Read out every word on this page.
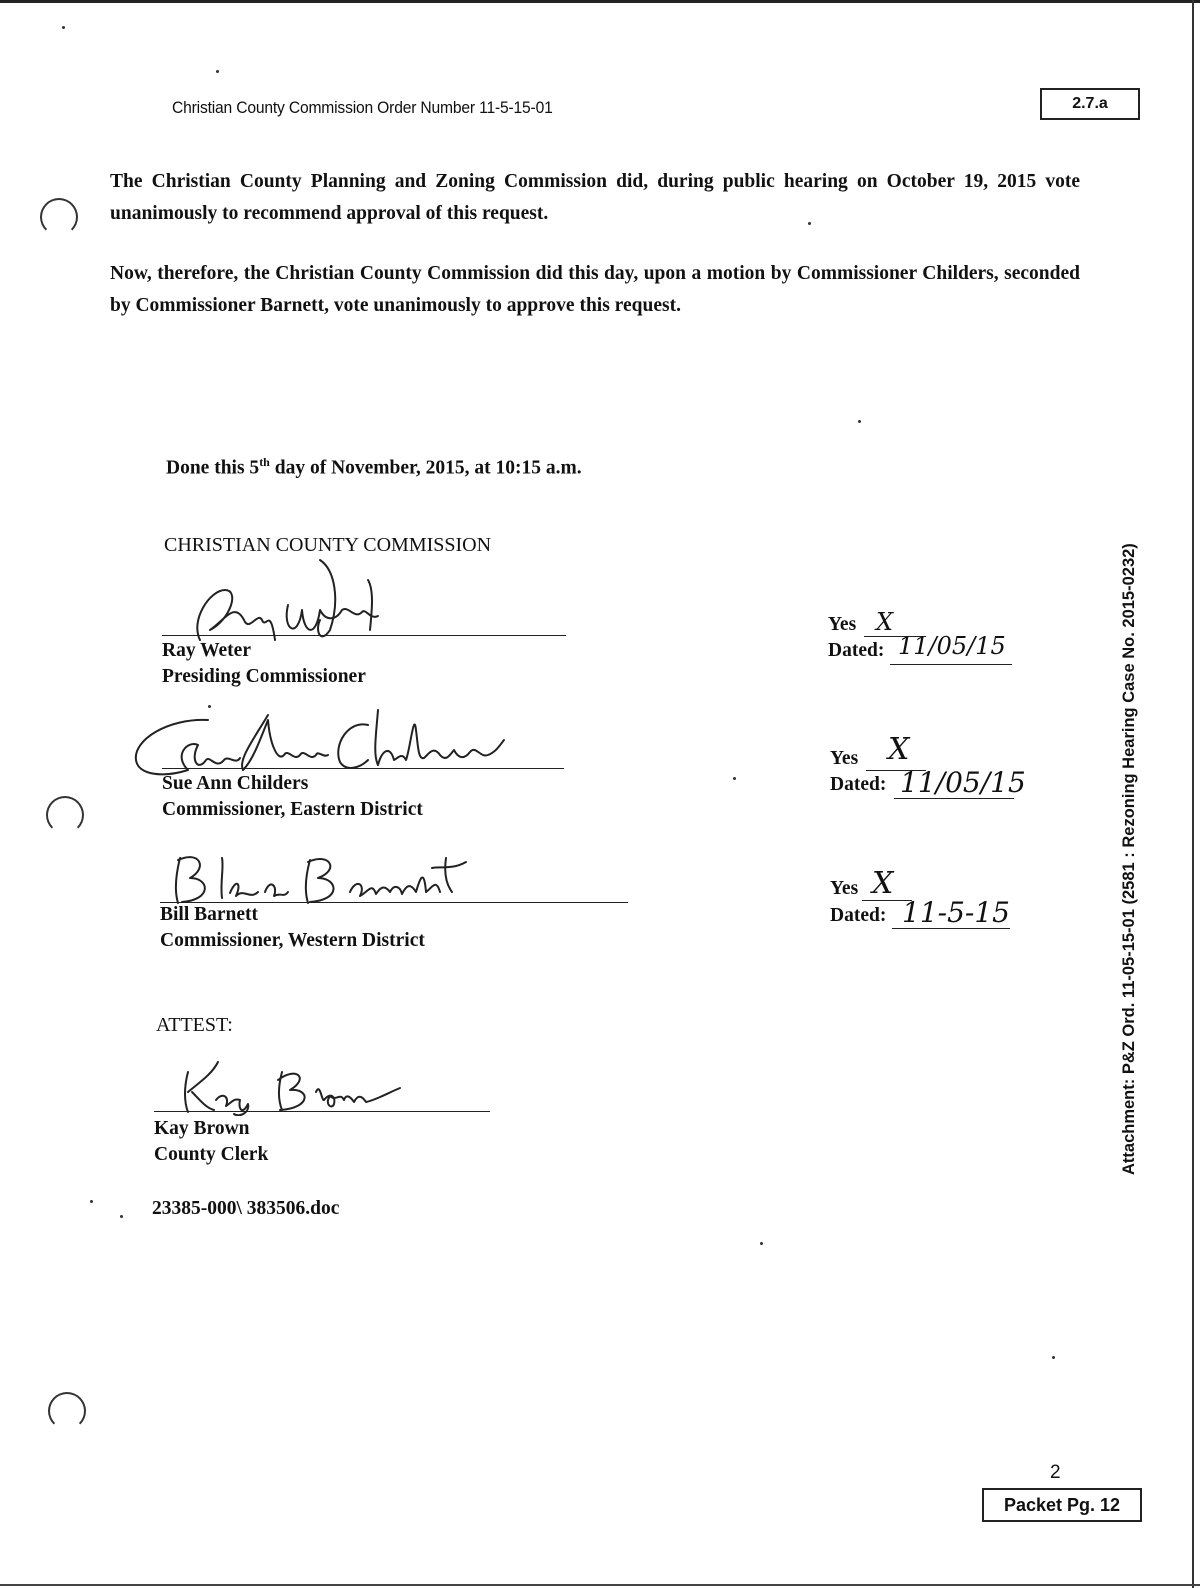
Christian County Commission Order Number 11-5-15-01	2.7.a
The Christian County Planning and Zoning Commission did, during public hearing on October 19, 2015 vote unanimously to recommend approval of this request.
Now, therefore, the Christian County Commission did this day, upon a motion by Commissioner Childers, seconded by Commissioner Barnett, vote unanimously to approve this request.
Done this 5th day of November, 2015, at 10:15 a.m.
CHRISTIAN COUNTY COMMISSION
Ray Weter
Presiding Commissioner
Yes X
Dated: 11/05/15
Sue Ann Childers
Commissioner, Eastern District
Yes X
Dated: 11/05/15
Bill Barnett
Commissioner, Western District
Yes X
Dated: 11-5-15
ATTEST:
Kay Brown
County Clerk
23385-000\ 383506.doc
Attachment: P&Z Ord. 11-05-15-01 (2581 : Rezoning Hearing Case No. 2015-0232)
2
Packet Pg. 12
